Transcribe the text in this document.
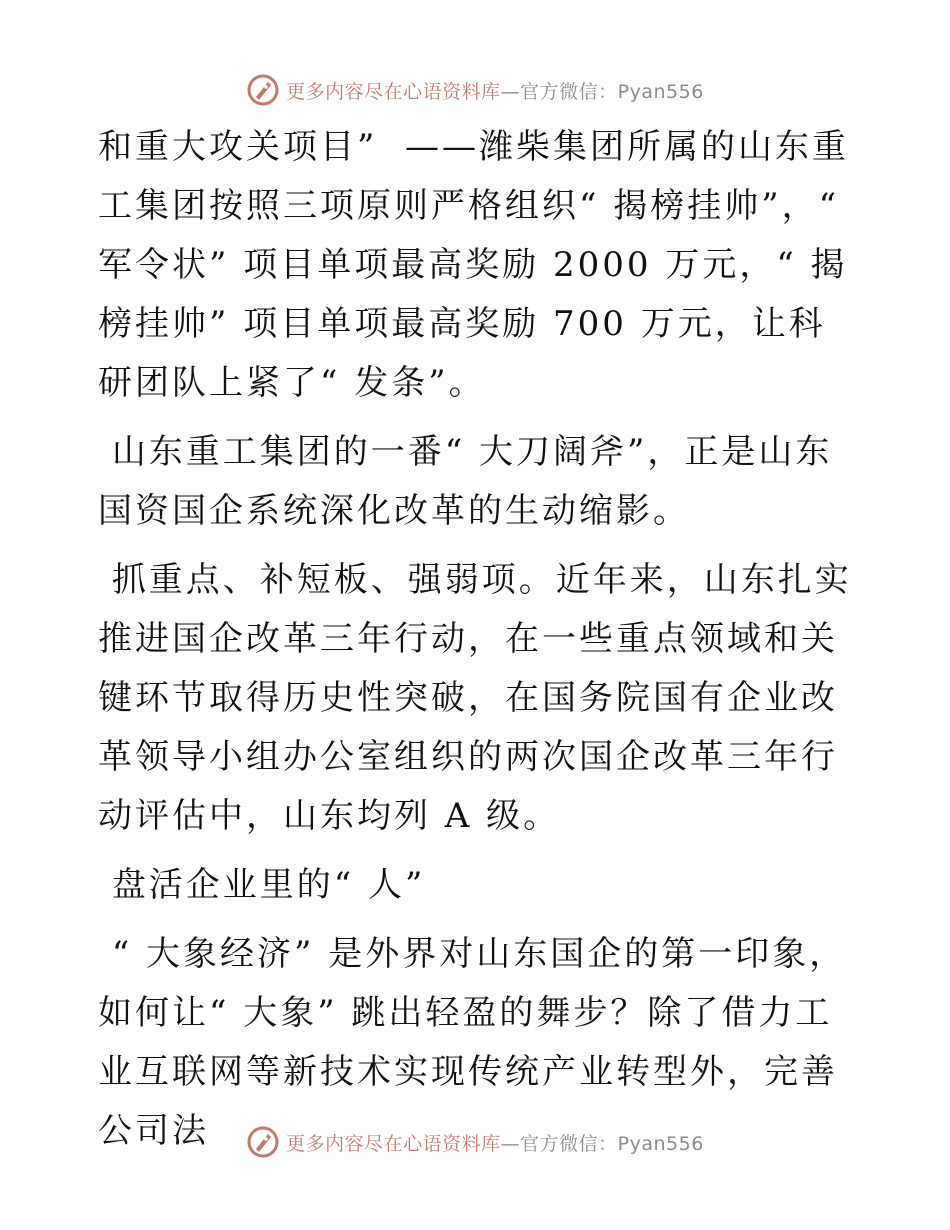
更多内容尽在心语资料库—官方微信：Pyan556

和重大攻关项目”  ——潍柴集团所属的山东重工集团按照三项原则严格组织“ 揭榜挂帅”，“ 军令状” 项目单项最高奖励 2000 万元，“ 揭榜挂帅” 项目单项最高奖励 700 万元，让科研团队上紧了“ 发条”。

山东重工集团的一番“ 大刀阔斧”，正是山东国资国企系统深化改革的生动缩影。

抓重点、补短板、强弱项。近年来，山东扎实推进国企改革三年行动，在一些重点领域和关键环节取得历史性突破，在国务院国有企业改革领导小组办公室组织的两次国企改革三年行动评估中，山东均列 A 级。

盘活企业里的“ 人”

“ 大象经济” 是外界对山东国企的第一印象，如何让“ 大象” 跳出轻盈的舞步？除了借力工业互联网等新技术实现传统产业转型外，完善公司法	更多内容尽在心语资料库—官方微信：Pyan556
